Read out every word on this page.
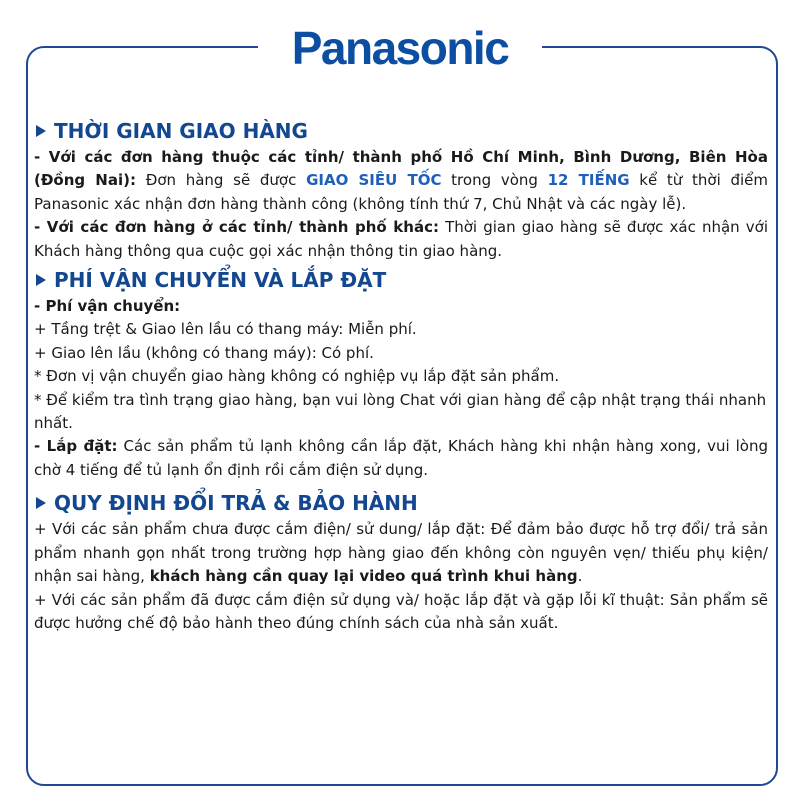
Panasonic
THỜI GIAN GIAO HÀNG

- Với các đơn hàng thuộc các tỉnh/ thành phố Hồ Chí Minh, Bình Dương, Biên Hòa (Đồng Nai): Đơn hàng sẽ được GIAO SIÊU TỐC trong vòng 12 TIẾNG kể từ thời điểm Panasonic xác nhận đơn hàng thành công (không tính thứ 7, Chủ Nhật và các ngày lễ).

- Với các đơn hàng ở các tỉnh/ thành phố khác: Thời gian giao hàng sẽ được xác nhận với Khách hàng thông qua cuộc gọi xác nhận thông tin giao hàng.

PHÍ VẬN CHUYỂN VÀ LẮP ĐẶT

- Phí vận chuyển:

+ Tầng trệt & Giao lên lầu có thang máy: Miễn phí.

+ Giao lên lầu (không có thang máy): Có phí.

* Đơn vị vận chuyển giao hàng không có nghiệp vụ lắp đặt sản phẩm.

* Để kiểm tra tình trạng giao hàng, bạn vui lòng Chat với gian hàng để cập nhật trạng thái nhanh nhất.

- Lắp đặt: Các sản phẩm tủ lạnh không cần lắp đặt, Khách hàng khi nhận hàng xong, vui lòng chờ 4 tiếng để tủ lạnh ổn định rồi cắm điện sử dụng.

QUY ĐỊNH ĐỔI TRẢ & BẢO HÀNH

+ Với các sản phẩm chưa được cắm điện/ sử dung/ lắp đặt: Để đảm bảo được hỗ trợ đổi/ trả sản phẩm nhanh gọn nhất trong trường hợp hàng giao đến không còn nguyên vẹn/ thiếu phụ kiện/ nhận sai hàng, khách hàng cần quay lại video quá trình khui hàng.

+ Với các sản phẩm đã được cắm điện sử dụng và/ hoặc lắp đặt và gặp lỗi kĩ thuật: Sản phẩm sẽ được hưởng chế độ bảo hành theo đúng chính sách của nhà sản xuất.
